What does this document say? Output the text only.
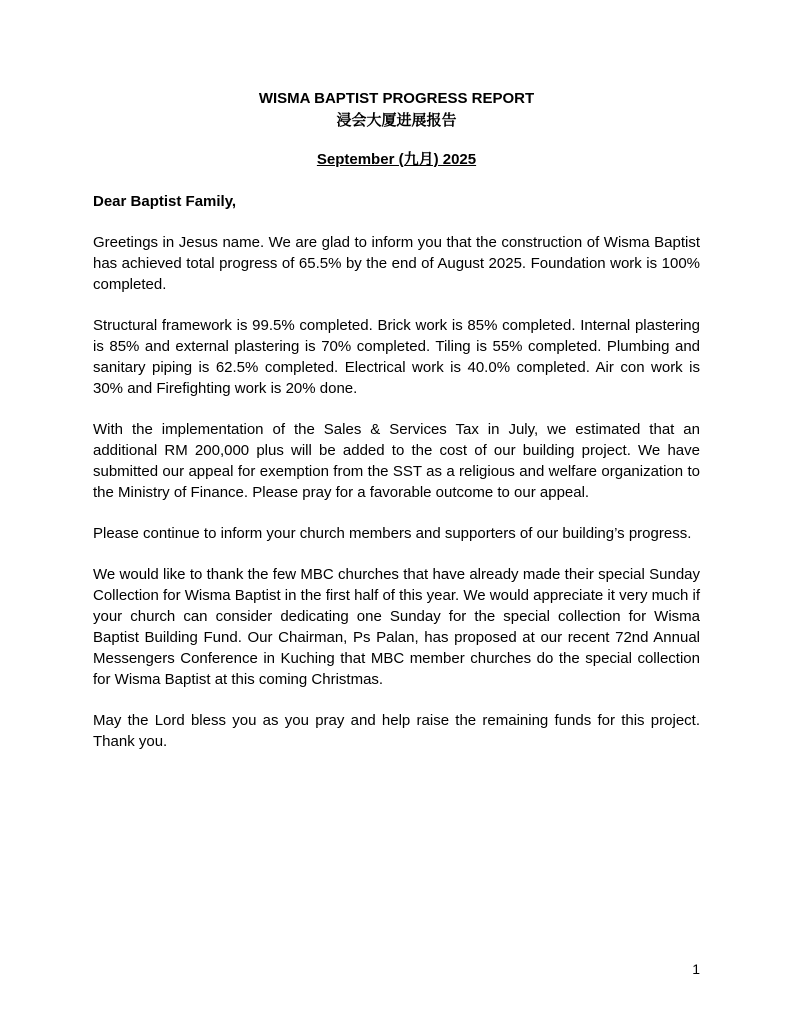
WISMA BAPTIST PROGRESS REPORT
浸会大厦进展报告
September (九月) 2025

Dear Baptist Family,

Greetings in Jesus name. We are glad to inform you that the construction of Wisma Baptist has achieved total progress of 65.5% by the end of August 2025. Foundation work is 100% completed.

Structural framework is 99.5% completed. Brick work is 85% completed. Internal plastering is 85% and external plastering is 70% completed. Tiling is 55% completed. Plumbing and sanitary piping is 62.5% completed. Electrical work is 40.0% completed. Air con work is 30% and Firefighting work is 20% done.

With the implementation of the Sales & Services Tax in July, we estimated that an additional RM 200,000 plus will be added to the cost of our building project. We have submitted our appeal for exemption from the SST as a religious and welfare organization to the Ministry of Finance. Please pray for a favorable outcome to our appeal.

Please continue to inform your church members and supporters of our building’s progress.

We would like to thank the few MBC churches that have already made their special Sunday Collection for Wisma Baptist in the first half of this year. We would appreciate it very much if your church can consider dedicating one Sunday for the special collection for Wisma Baptist Building Fund. Our Chairman, Ps Palan, has proposed at our recent 72nd Annual Messengers Conference in Kuching that MBC member churches do the special collection for Wisma Baptist at this coming Christmas.

May the Lord bless you as you pray and help raise the remaining funds for this project. Thank you.

1
